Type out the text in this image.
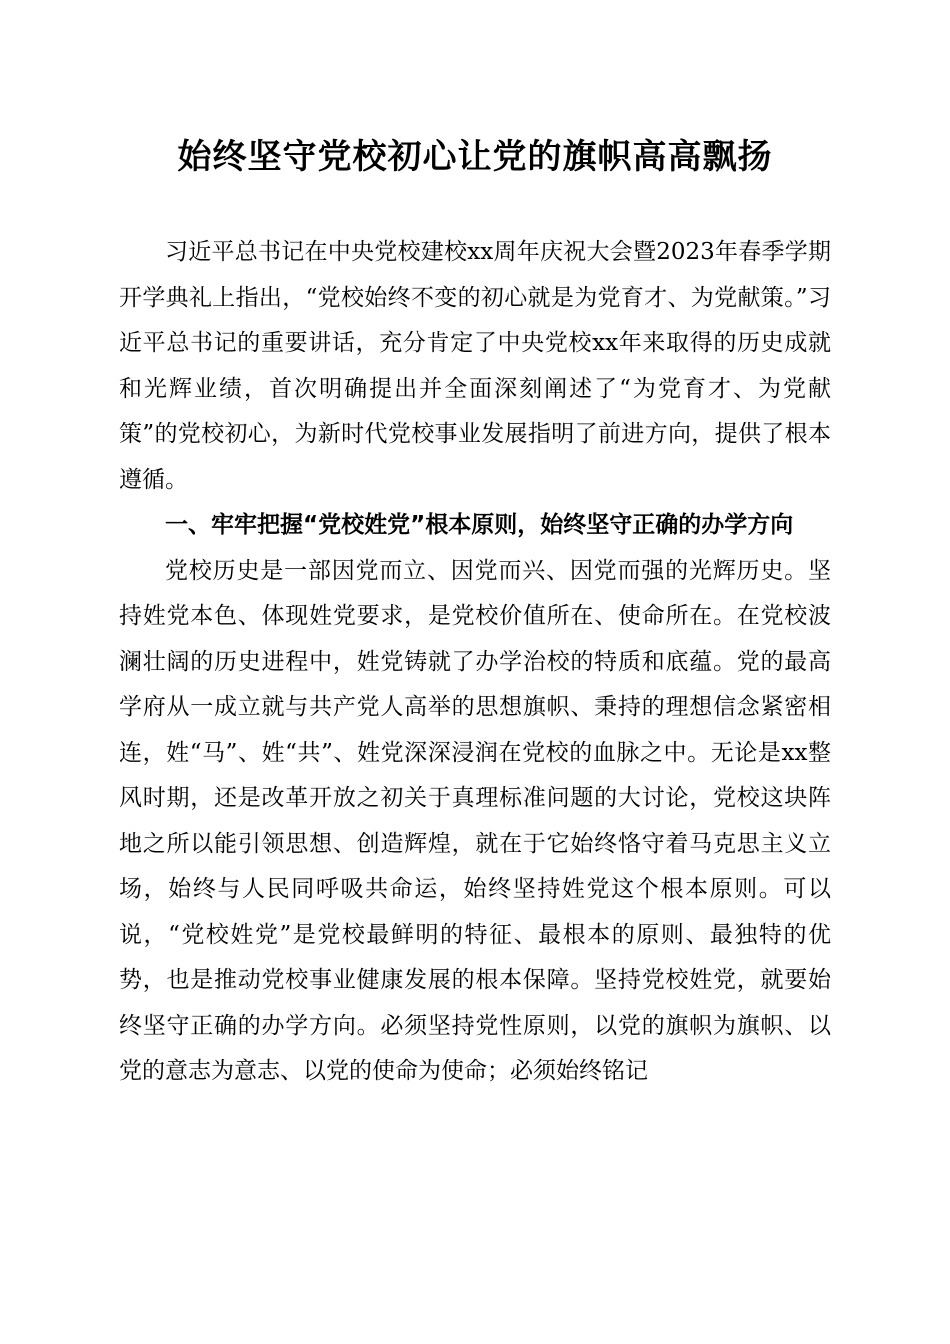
始终坚守党校初心让党的旗帜高高飘扬

习近平总书记在中央党校建校xx周年庆祝大会暨2023年春季学期开学典礼上指出，“党校始终不变的初心就是为党育才、为党献策。”习近平总书记的重要讲话，充分肯定了中央党校xx年来取得的历史成就和光辉业绩，首次明确提出并全面深刻阐述了“为党育才、为党献策”的党校初心，为新时代党校事业发展指明了前进方向，提供了根本遵循。

一、牢牢把握“党校姓党”根本原则，始终坚守正确的办学方向

党校历史是一部因党而立、因党而兴、因党而强的光辉历史。坚持姓党本色、体现姓党要求，是党校价值所在、使命所在。在党校波澜壮阔的历史进程中，姓党铸就了办学治校的特质和底蕴。党的最高学府从一成立就与共产党人高举的思想旗帜、秉持的理想信念紧密相连，姓“马”、姓“共”、姓党深深浸润在党校的血脉之中。无论是xx整风时期，还是改革开放之初关于真理标准问题的大讨论，党校这块阵地之所以能引领思想、创造辉煌，就在于它始终恪守着马克思主义立场，始终与人民同呼吸共命运，始终坚持姓党这个根本原则。可以说，“党校姓党”是党校最鲜明的特征、最根本的原则、最独特的优势，也是推动党校事业健康发展的根本保障。坚持党校姓党，就要始终坚守正确的办学方向。必须坚持党性原则，以党的旗帜为旗帜、以党的意志为意志、以党的使命为使命；必须始终铭记
